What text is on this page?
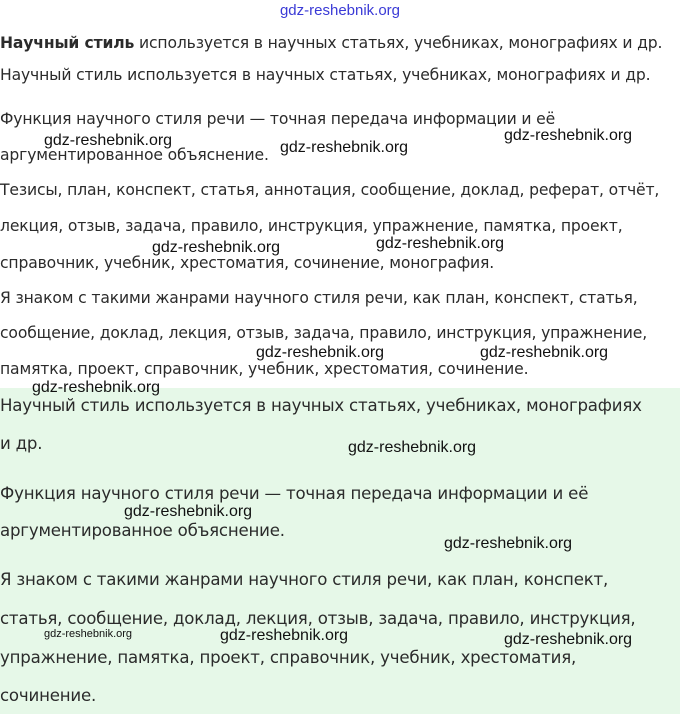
gdz-reshebnik.org
Научный стиль используется в научных статьях, учебниках, монографиях и др.
Научный стиль используется в научных статьях, учебниках, монографиях и др.
Функция научного стиля речи — точная передача информации и её
аргументированное объяснение.
Тезисы, план, конспект, статья, аннотация, сообщение, доклад, реферат, отчёт,
лекция, отзыв, задача, правило, инструкция, упражнение, памятка, проект,
справочник, учебник, хрестоматия, сочинение, монография.
Я знаком с такими жанрами научного стиля речи, как план, конспект, статья,
сообщение, доклад, лекция, отзыв, задача, правило, инструкция, упражнение,
памятка, проект, справочник, учебник, хрестоматия, сочинение.
Научный стиль используется в научных статьях, учебниках, монографиях
и др.
Функция научного стиля речи — точная передача информации и её
аргументированное объяснение.
Я знаком с такими жанрами научного стиля речи, как план, конспект,
статья, сообщение, доклад, лекция, отзыв, задача, правило, инструкция,
упражнение, памятка, проект, справочник, учебник, хрестоматия,
сочинение.
gdz-reshebnik.org	gdz-reshebnik.org
gdz-reshebnik.org
gdz-reshebnik.org	gdz-reshebnik.org
gdz-reshebnik.org	gdz-reshebnik.org
gdz-reshebnik.org
gdz-reshebnik.org
gdz-reshebnik.org
gdz-reshebnik.org
gdz-reshebnik.org	gdz-reshebnik.org	gdz-reshebnik.org
